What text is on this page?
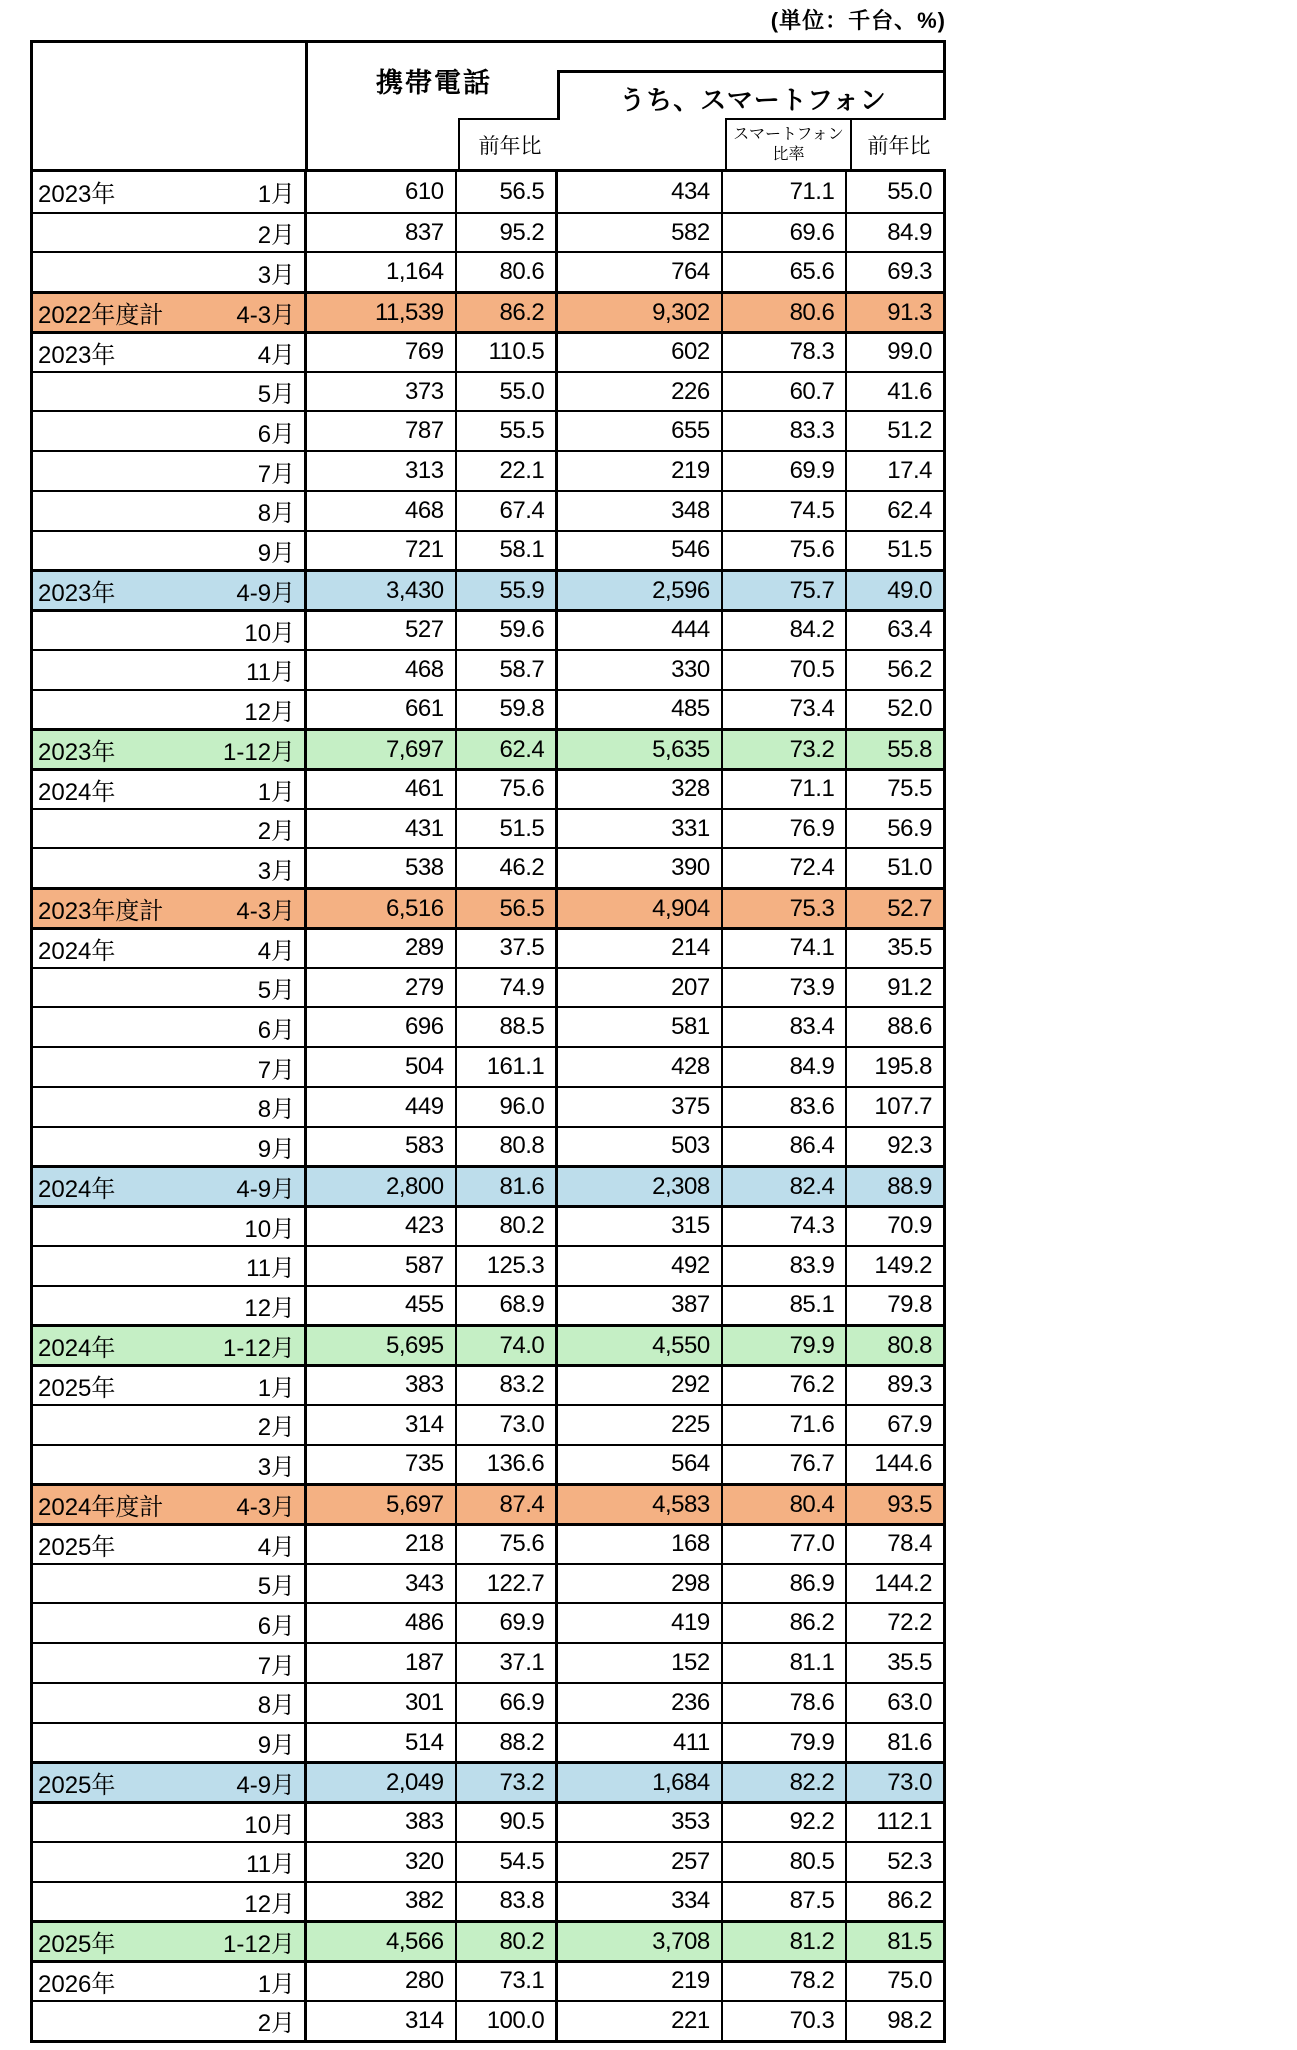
(単位：千台、%)
携帯電話
うち、スマートフォン
前年比
スマートフォン
比率	前年比
2023年	1月	610	56.5	434	71.1	55.0
2月	837	95.2	582	69.6	84.9
3月	1,164	80.6	764	65.6	69.3
2022年度計	4-3月	11,539	86.2	9,302	80.6	91.3
2023年	4月	769	110.5	602	78.3	99.0
5月	373	55.0	226	60.7	41.6
6月	787	55.5	655	83.3	51.2
7月	313	22.1	219	69.9	17.4
8月	468	67.4	348	74.5	62.4
9月	721	58.1	546	75.6	51.5
2023年	4-9月	3,430	55.9	2,596	75.7	49.0
10月	527	59.6	444	84.2	63.4
11月	468	58.7	330	70.5	56.2
12月	661	59.8	485	73.4	52.0
2023年	1-12月	7,697	62.4	5,635	73.2	55.8
2024年	1月	461	75.6	328	71.1	75.5
2月	431	51.5	331	76.9	56.9
3月	538	46.2	390	72.4	51.0
2023年度計	4-3月	6,516	56.5	4,904	75.3	52.7
2024年	4月	289	37.5	214	74.1	35.5
5月	279	74.9	207	73.9	91.2
6月	696	88.5	581	83.4	88.6
7月	504	161.1	428	84.9	195.8
8月	449	96.0	375	83.6	107.7
9月	583	80.8	503	86.4	92.3
2024年	4-9月	2,800	81.6	2,308	82.4	88.9
10月	423	80.2	315	74.3	70.9
11月	587	125.3	492	83.9	149.2
12月	455	68.9	387	85.1	79.8
2024年	1-12月	5,695	74.0	4,550	79.9	80.8
2025年	1月	383	83.2	292	76.2	89.3
2月	314	73.0	225	71.6	67.9
3月	735	136.6	564	76.7	144.6
2024年度計	4-3月	5,697	87.4	4,583	80.4	93.5
2025年	4月	218	75.6	168	77.0	78.4
5月	343	122.7	298	86.9	144.2
6月	486	69.9	419	86.2	72.2
7月	187	37.1	152	81.1	35.5
8月	301	66.9	236	78.6	63.0
9月	514	88.2	411	79.9	81.6
2025年	4-9月	2,049	73.2	1,684	82.2	73.0
10月	383	90.5	353	92.2	112.1
11月	320	54.5	257	80.5	52.3
12月	382	83.8	334	87.5	86.2
2025年	1-12月	4,566	80.2	3,708	81.2	81.5
2026年	1月	280	73.1	219	78.2	75.0
2月	314	100.0	221	70.3	98.2
